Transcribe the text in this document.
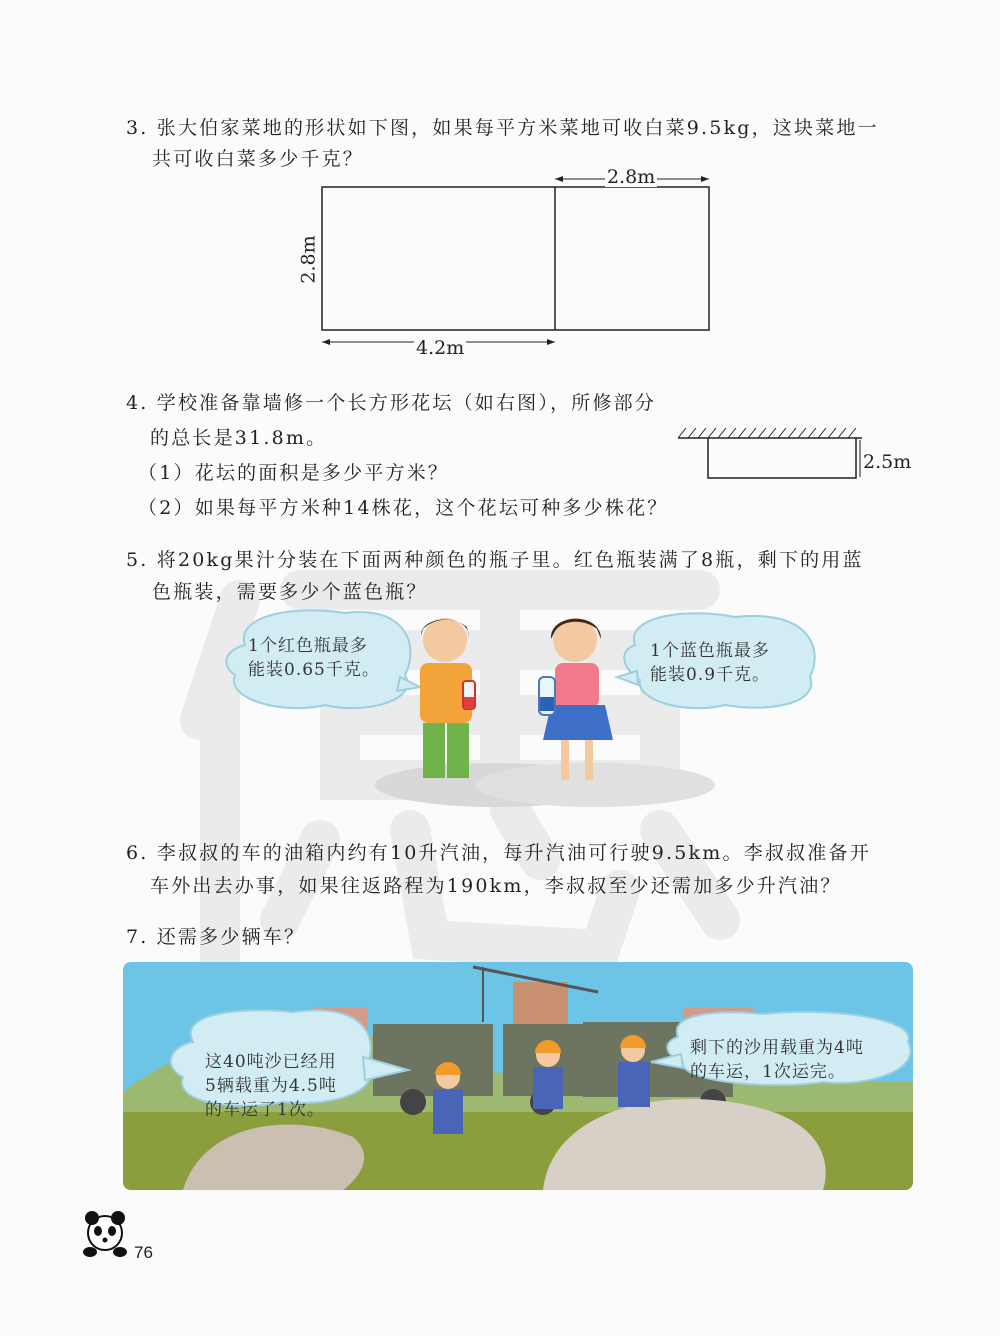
3. 张大伯家菜地的形状如下图，如果每平方米菜地可收白菜9.5kg，这块菜地一
共可收白菜多少千克？
2.8m
2.8m
4.2m
4. 学校准备靠墙修一个长方形花坛（如右图），所修部分
的总长是31.8m。
（1）花坛的面积是多少平方米？
（2）如果每平方米种14株花，这个花坛可种多少株花？
2.5m
5. 将20kg果汁分装在下面两种颜色的瓶子里。红色瓶装满了8瓶，剩下的用蓝
色瓶装，需要多少个蓝色瓶？
1个红色瓶最多
能装0.65千克。
1个蓝色瓶最多
能装0.9千克。
6. 李叔叔的车的油箱内约有10升汽油，每升汽油可行驶9.5km。李叔叔准备开
车外出去办事，如果往返路程为190km，李叔叔至少还需加多少升汽油？
7. 还需多少辆车？
这40吨沙已经用
5辆载重为4.5吨
的车运了1次。
剩下的沙用载重为4吨
的车运，1次运完。
76
